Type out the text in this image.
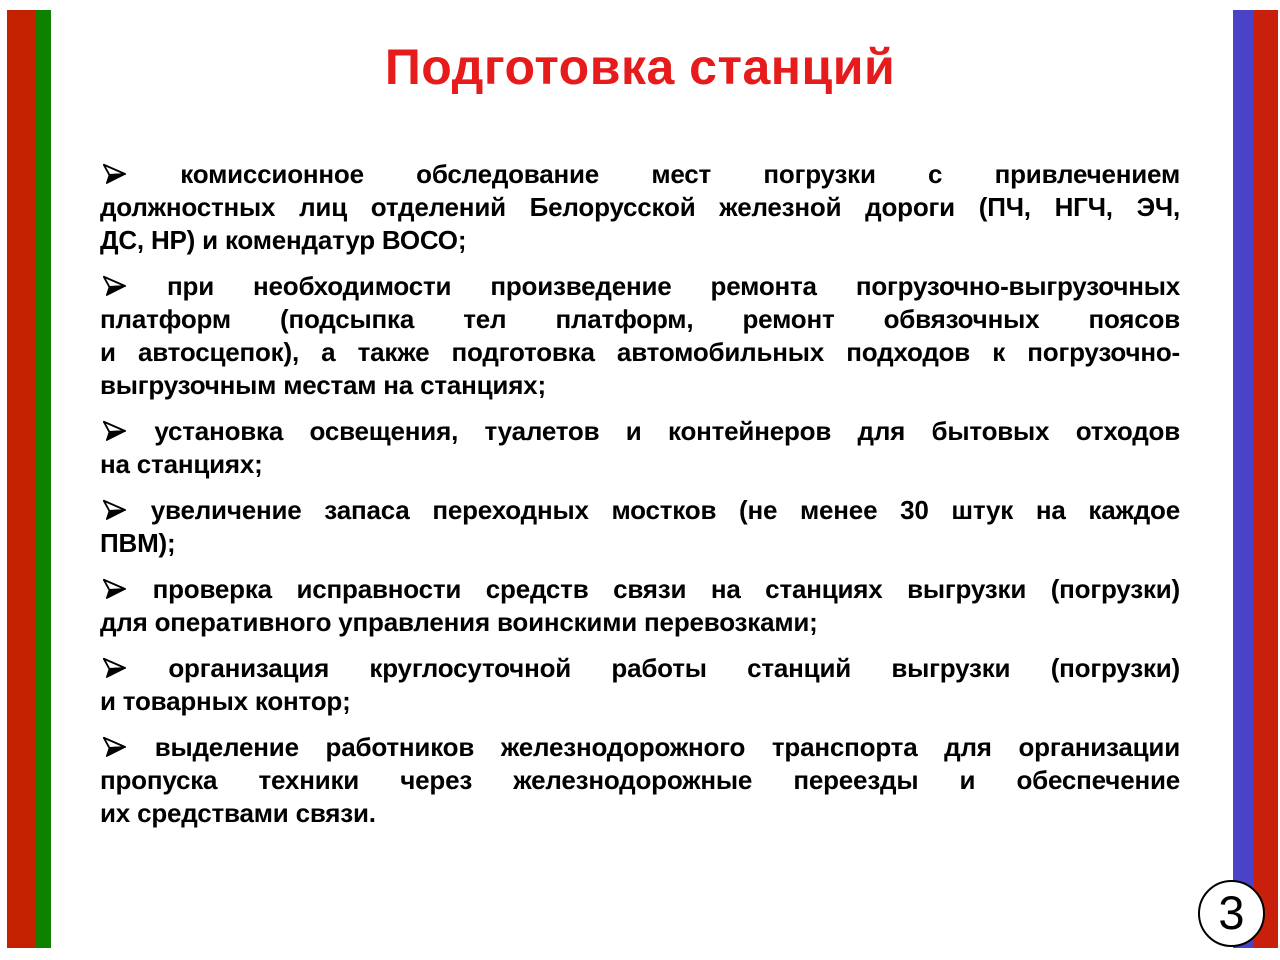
Подготовка станций
комиссионное обследование мест погрузки с привлечением
должностных лиц отделений Белорусской железной дороги (ПЧ, НГЧ, ЭЧ,
ДС, НР) и комендатур ВОСО;
при необходимости произведение ремонта погрузочно-выгрузочных
платформ (подсыпка тел платформ, ремонт обвязочных поясов
и автосцепок), а также подготовка автомобильных подходов к погрузочно-
выгрузочным местам на станциях;
установка освещения, туалетов и контейнеров для бытовых отходов
на станциях;
увеличение запаса переходных мостков (не менее 30 штук на каждое
ПВМ);
проверка исправности средств связи на станциях выгрузки (погрузки)
для оперативного управления воинскими перевозками;
организация круглосуточной работы станций выгрузки (погрузки)
и товарных контор;
выделение работников железнодорожного транспорта для организации
пропуска техники через железнодорожные переезды и обеспечение
их средствами связи.
3
